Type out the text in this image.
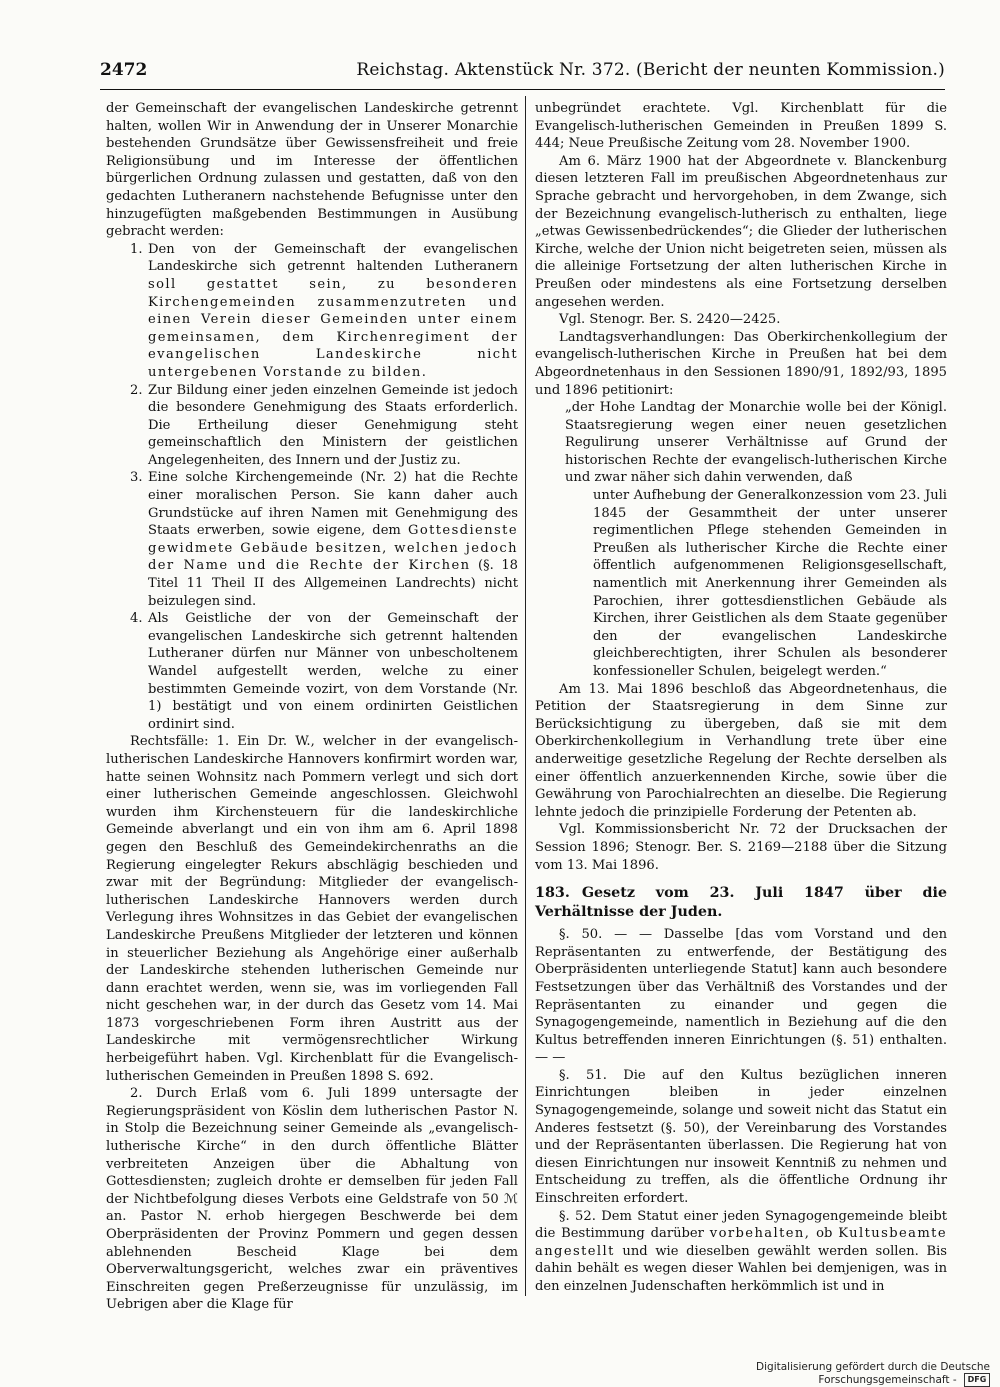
2472	Reichstag. Aktenstück Nr. 372. (Bericht der neunten Kommission.)

der Gemeinschaft der evangelischen Landeskirche getrennt halten, wollen Wir in Anwendung der in Unserer Monarchie bestehenden Grundsätze über Gewissensfreiheit und freie Religionsübung und im Interesse der öffentlichen bürgerlichen Ordnung zulassen und gestatten, daß von den gedachten Lutheranern nachstehende Befugnisse unter den hinzugefügten maßgebenden Bestimmungen in Ausübung gebracht werden:

1. Den von der Gemeinschaft der evangelischen Landeskirche sich getrennt haltenden Lutheranern soll gestattet sein, zu besonderen Kirchengemeinden zusammenzutreten und einen Verein dieser Gemeinden unter einem gemeinsamen, dem Kirchenregiment der evangelischen Landeskirche nicht untergebenen Vorstande zu bilden.

2. Zur Bildung einer jeden einzelnen Gemeinde ist jedoch die besondere Genehmigung des Staats erforderlich. Die Ertheilung dieser Genehmigung steht gemeinschaftlich den Ministern der geistlichen Angelegenheiten, des Innern und der Justiz zu.

3. Eine solche Kirchengemeinde (Nr. 2) hat die Rechte einer moralischen Person. Sie kann daher auch Grundstücke auf ihren Namen mit Genehmigung des Staats erwerben, sowie eigene, dem Gottesdienste gewidmete Gebäude besitzen, welchen jedoch der Name und die Rechte der Kirchen (§. 18 Titel 11 Theil II des Allgemeinen Landrechts) nicht beizulegen sind.

4. Als Geistliche der von der Gemeinschaft der evangelischen Landeskirche sich getrennt haltenden Lutheraner dürfen nur Männer von unbescholtenem Wandel aufgestellt werden, welche zu einer bestimmten Gemeinde vozirt, von dem Vorstande (Nr. 1) bestätigt und von einem ordinirten Geistlichen ordinirt sind.

Rechtsfälle: 1. Ein Dr. W., welcher in der evangelisch-lutherischen Landeskirche Hannovers konfirmirt worden war, hatte seinen Wohnsitz nach Pommern verlegt und sich dort einer lutherischen Gemeinde angeschlossen. Gleichwohl wurden ihm Kirchensteuern für die landeskirchliche Gemeinde abverlangt und ein von ihm am 6. April 1898 gegen den Beschluß des Gemeindekirchenraths an die Regierung eingelegter Rekurs abschlägig beschieden und zwar mit der Begründung: Mitglieder der evangelisch-lutherischen Landeskirche Hannovers werden durch Verlegung ihres Wohnsitzes in das Gebiet der evangelischen Landeskirche Preußens Mitglieder der letzteren und können in steuerlicher Beziehung als Angehörige einer außerhalb der Landeskirche stehenden lutherischen Gemeinde nur dann erachtet werden, wenn sie, was im vorliegenden Fall nicht geschehen war, in der durch das Gesetz vom 14. Mai 1873 vorgeschriebenen Form ihren Austritt aus der Landeskirche mit vermögensrechtlicher Wirkung herbeigeführt haben. Vgl. Kirchenblatt für die Evangelisch-lutherischen Gemeinden in Preußen 1898 S. 692.

2. Durch Erlaß vom 6. Juli 1899 untersagte der Regierungspräsident von Köslin dem lutherischen Pastor N. in Stolp die Bezeichnung seiner Gemeinde als „evangelisch-lutherische Kirche“ in den durch öffentliche Blätter verbreiteten Anzeigen über die Abhaltung von Gottesdiensten; zugleich drohte er demselben für jeden Fall der Nichtbefolgung dieses Verbots eine Geldstrafe von 50 ℳ an. Pastor N. erhob hiergegen Beschwerde bei dem Oberpräsidenten der Provinz Pommern und gegen dessen ablehnenden Bescheid Klage bei dem Oberverwaltungsgericht, welches zwar ein präventives Einschreiten gegen Preßerzeugnisse für unzulässig, im Uebrigen aber die Klage für

unbegründet erachtete. Vgl. Kirchenblatt für die Evangelisch-lutherischen Gemeinden in Preußen 1899 S. 444; Neue Preußische Zeitung vom 28. November 1900.

Am 6. März 1900 hat der Abgeordnete v. Blanckenburg diesen letzteren Fall im preußischen Abgeordnetenhaus zur Sprache gebracht und hervorgehoben, in dem Zwange, sich der Bezeichnung evangelisch-lutherisch zu enthalten, liege „etwas Gewissenbedrückendes“; die Glieder der lutherischen Kirche, welche der Union nicht beigetreten seien, müssen als die alleinige Fortsetzung der alten lutherischen Kirche in Preußen oder mindestens als eine Fortsetzung derselben angesehen werden.

Vgl. Stenogr. Ber. S. 2420—2425.

Landtagsverhandlungen: Das Oberkirchenkollegium der evangelisch-lutherischen Kirche in Preußen hat bei dem Abgeordnetenhaus in den Sessionen 1890/91, 1892/93, 1895 und 1896 petitionirt:

„der Hohe Landtag der Monarchie wolle bei der Königl. Staatsregierung wegen einer neuen gesetzlichen Regulirung unserer Verhältnisse auf Grund der historischen Rechte der evangelisch-lutherischen Kirche und zwar näher sich dahin verwenden, daß

unter Aufhebung der Generalkonzession vom 23. Juli 1845 der Gesammtheit der unter unserer regimentlichen Pflege stehenden Gemeinden in Preußen als lutherischer Kirche die Rechte einer öffentlich aufgenommenen Religionsgesellschaft, namentlich mit Anerkennung ihrer Gemeinden als Parochien, ihrer gottesdienstlichen Gebäude als Kirchen, ihrer Geistlichen als dem Staate gegenüber den der evangelischen Landeskirche gleichberechtigten, ihrer Schulen als besonderer konfessioneller Schulen, beigelegt werden.“

Am 13. Mai 1896 beschloß das Abgeordnetenhaus, die Petition der Staatsregierung in dem Sinne zur Berücksichtigung zu übergeben, daß sie mit dem Oberkirchenkollegium in Verhandlung trete über eine anderweitige gesetzliche Regelung der Rechte derselben als einer öffentlich anzuerkennenden Kirche, sowie über die Gewährung von Parochialrechten an dieselbe. Die Regierung lehnte jedoch die prinzipielle Forderung der Petenten ab.

Vgl. Kommissionsbericht Nr. 72 der Drucksachen der Session 1896; Stenogr. Ber. S. 2169—2188 über die Sitzung vom 13. Mai 1896.

183. Gesetz vom 23. Juli 1847 über die Verhältnisse der Juden.

§. 50. — — Dasselbe [das vom Vorstand und den Repräsentanten zu entwerfende, der Bestätigung des Oberpräsidenten unterliegende Statut] kann auch besondere Festsetzungen über das Verhältniß des Vorstandes und der Repräsentanten zu einander und gegen die Synagogengemeinde, namentlich in Beziehung auf die den Kultus betreffenden inneren Einrichtungen (§. 51) enthalten. — —

§. 51. Die auf den Kultus bezüglichen inneren Einrichtungen bleiben in jeder einzelnen Synagogengemeinde, solange und soweit nicht das Statut ein Anderes festsetzt (§. 50), der Vereinbarung des Vorstandes und der Repräsentanten überlassen. Die Regierung hat von diesen Einrichtungen nur insoweit Kenntniß zu nehmen und Entscheidung zu treffen, als die öffentliche Ordnung ihr Einschreiten erfordert.

§. 52. Dem Statut einer jeden Synagogengemeinde bleibt die Bestimmung darüber vorbehalten, ob Kultusbeamte angestellt und wie dieselben gewählt werden sollen. Bis dahin behält es wegen dieser Wahlen bei demjenigen, was in den einzelnen Judenschaften herkömmlich ist und in

Digitalisierung gefördert durch die Deutsche Forschungsgemeinschaft - DFG
